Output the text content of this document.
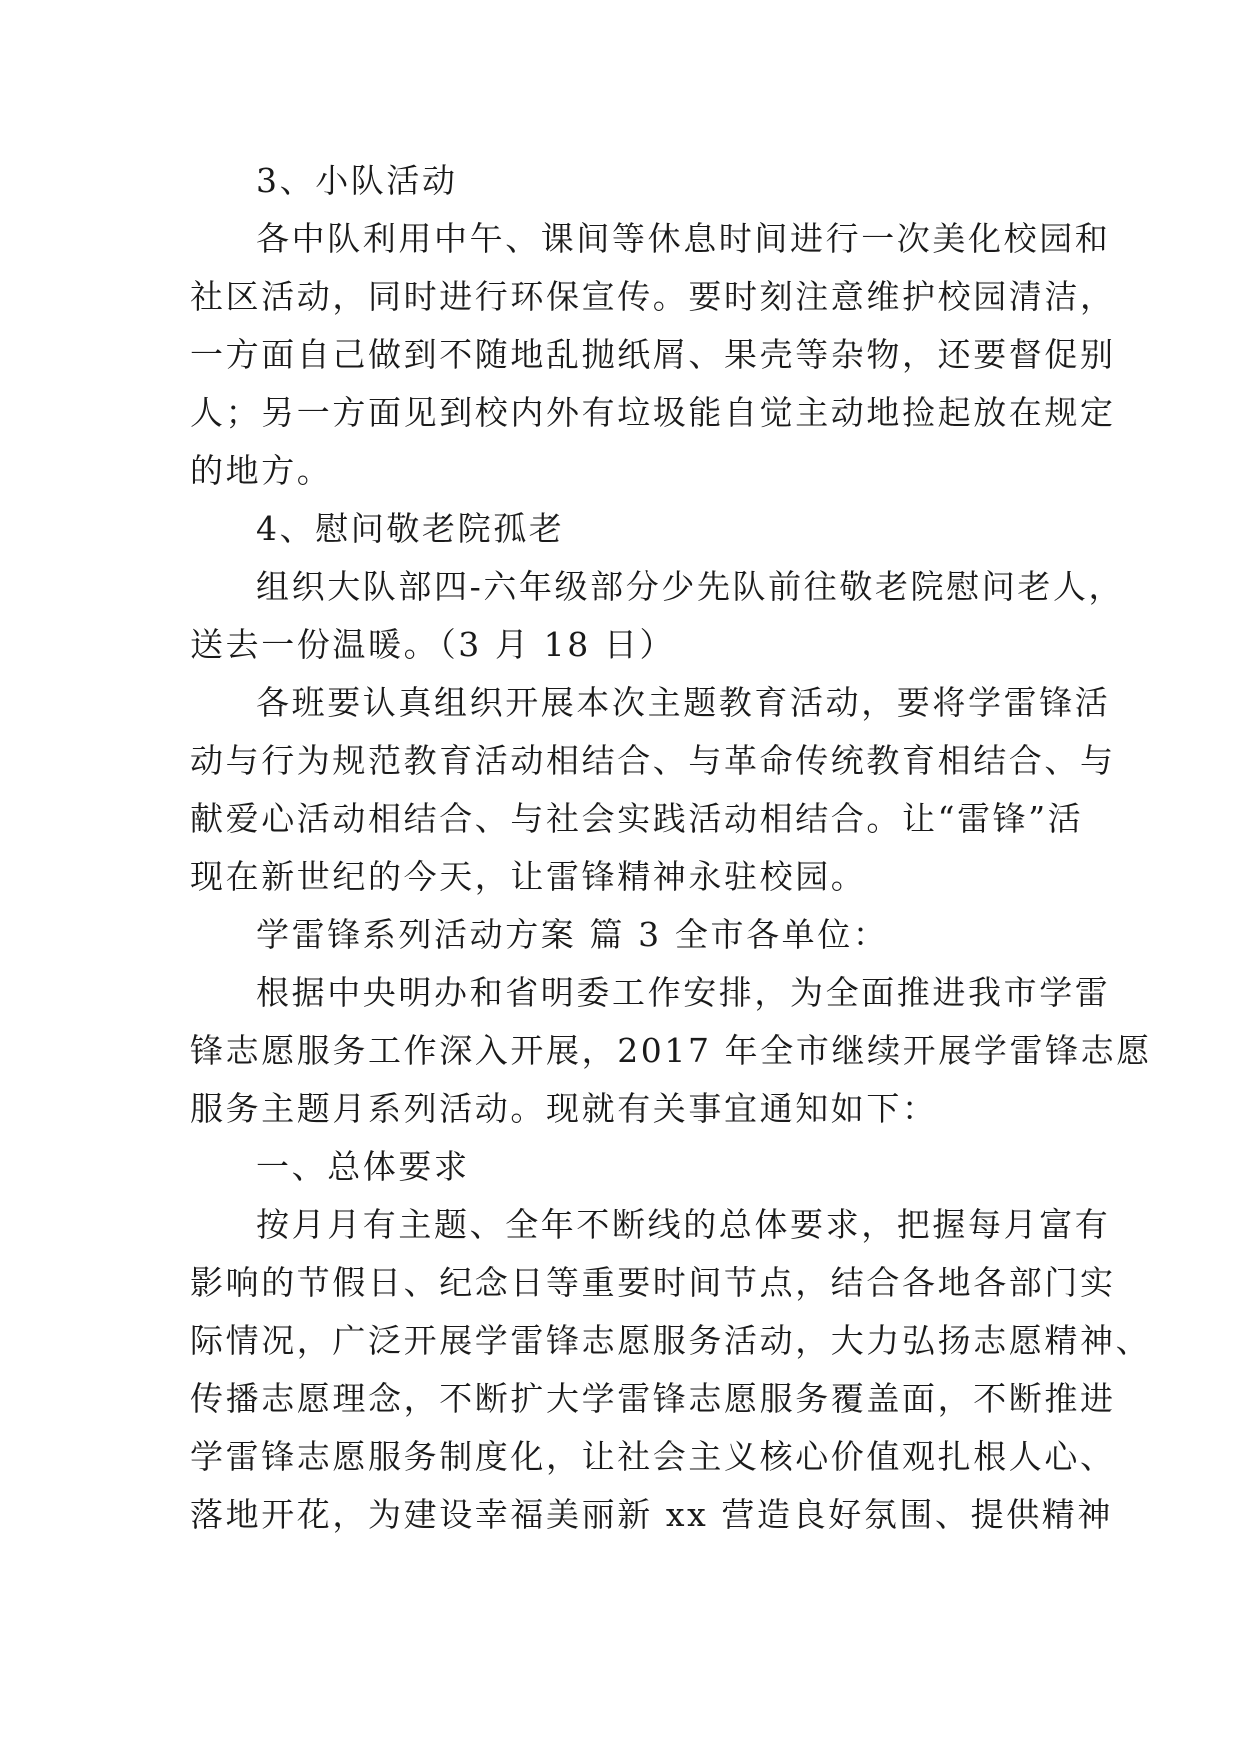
3、小队活动
各中队利用中午、课间等休息时间进行一次美化校园和
社区活动，同时进行环保宣传。要时刻注意维护校园清洁，
一方面自己做到不随地乱抛纸屑、果壳等杂物，还要督促别
人；另一方面见到校内外有垃圾能自觉主动地捡起放在规定
的地方。
4、慰问敬老院孤老
组织大队部四-六年级部分少先队前往敬老院慰问老人，
送去一份温暖。（3 月 18 日）
各班要认真组织开展本次主题教育活动，要将学雷锋活
动与行为规范教育活动相结合、与革命传统教育相结合、与
献爱心活动相结合、与社会实践活动相结合。让“雷锋”活
现在新世纪的今天，让雷锋精神永驻校园。
学雷锋系列活动方案 篇 3 全市各单位：
根据中央明办和省明委工作安排，为全面推进我市学雷
锋志愿服务工作深入开展，2017 年全市继续开展学雷锋志愿
服务主题月系列活动。现就有关事宜通知如下：
一、总体要求
按月月有主题、全年不断线的总体要求，把握每月富有
影响的节假日、纪念日等重要时间节点，结合各地各部门实
际情况，广泛开展学雷锋志愿服务活动，大力弘扬志愿精神、
传播志愿理念，不断扩大学雷锋志愿服务覆盖面，不断推进
学雷锋志愿服务制度化，让社会主义核心价值观扎根人心、
落地开花，为建设幸福美丽新 xx 营造良好氛围、提供精神
